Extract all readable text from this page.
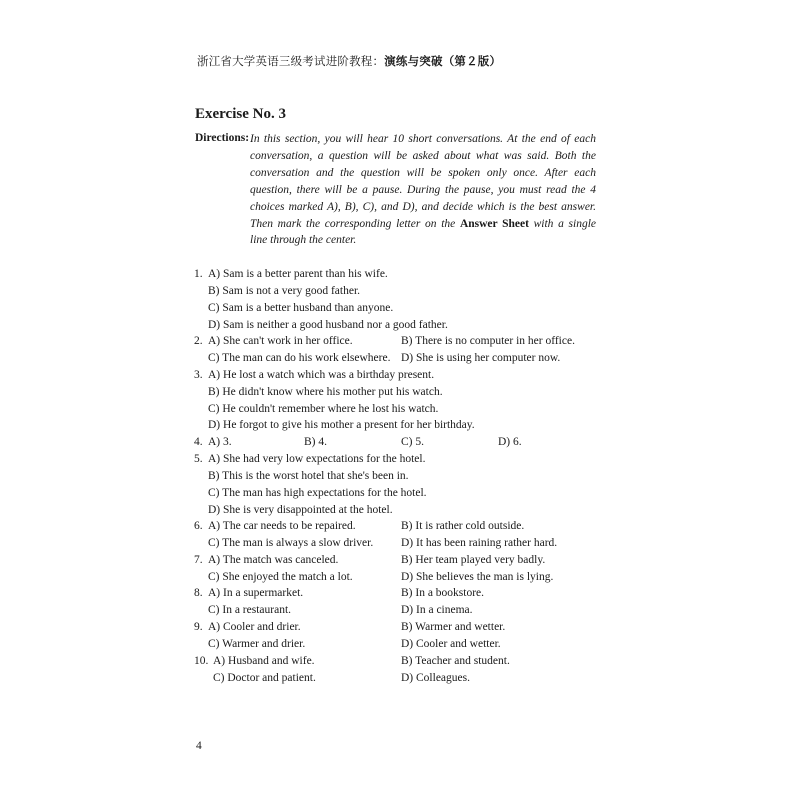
浙江省大学英语三级考试进阶教程：演练与突破（第２版）
Exercise No. 3
Directions: In this section, you will hear 10 short conversations. At the end of each conversation, a question will be asked about what was said. Both the conversation and the question will be spoken only once. After each question, there will be a pause. During the pause, you must read the 4 choices marked A), B), C), and D), and decide which is the best answer. Then mark the corresponding letter on the Answer Sheet with a single line through the center.
1. A) Sam is a better parent than his wife.
B) Sam is not a very good father.
C) Sam is a better husband than anyone.
D) Sam is neither a good husband nor a good father.
2. A) She can't work in her office.	B) There is no computer in her office.
C) The man can do his work elsewhere. D) She is using her computer now.
3. A) He lost a watch which was a birthday present.
B) He didn't know where his mother put his watch.
C) He couldn't remember where he lost his watch.
D) He forgot to give his mother a present for her birthday.
4. A) 3.	B) 4.	C) 5.	D) 6.
5. A) She had very low expectations for the hotel.
B) This is the worst hotel that she's been in.
C) The man has high expectations for the hotel.
D) She is very disappointed at the hotel.
6. A) The car needs to be repaired.	B) It is rather cold outside.
C) The man is always a slow driver. D) It has been raining rather hard.
7. A) The match was canceled.	B) Her team played very badly.
C) She enjoyed the match a lot.	D) She believes the man is lying.
8. A) In a supermarket.	B) In a bookstore.
C) In a restaurant.	D) In a cinema.
9. A) Cooler and drier.	B) Warmer and wetter.
C) Warmer and drier.	D) Cooler and wetter.
10. A) Husband and wife.	B) Teacher and student.
C) Doctor and patient.	D) Colleagues.
4
